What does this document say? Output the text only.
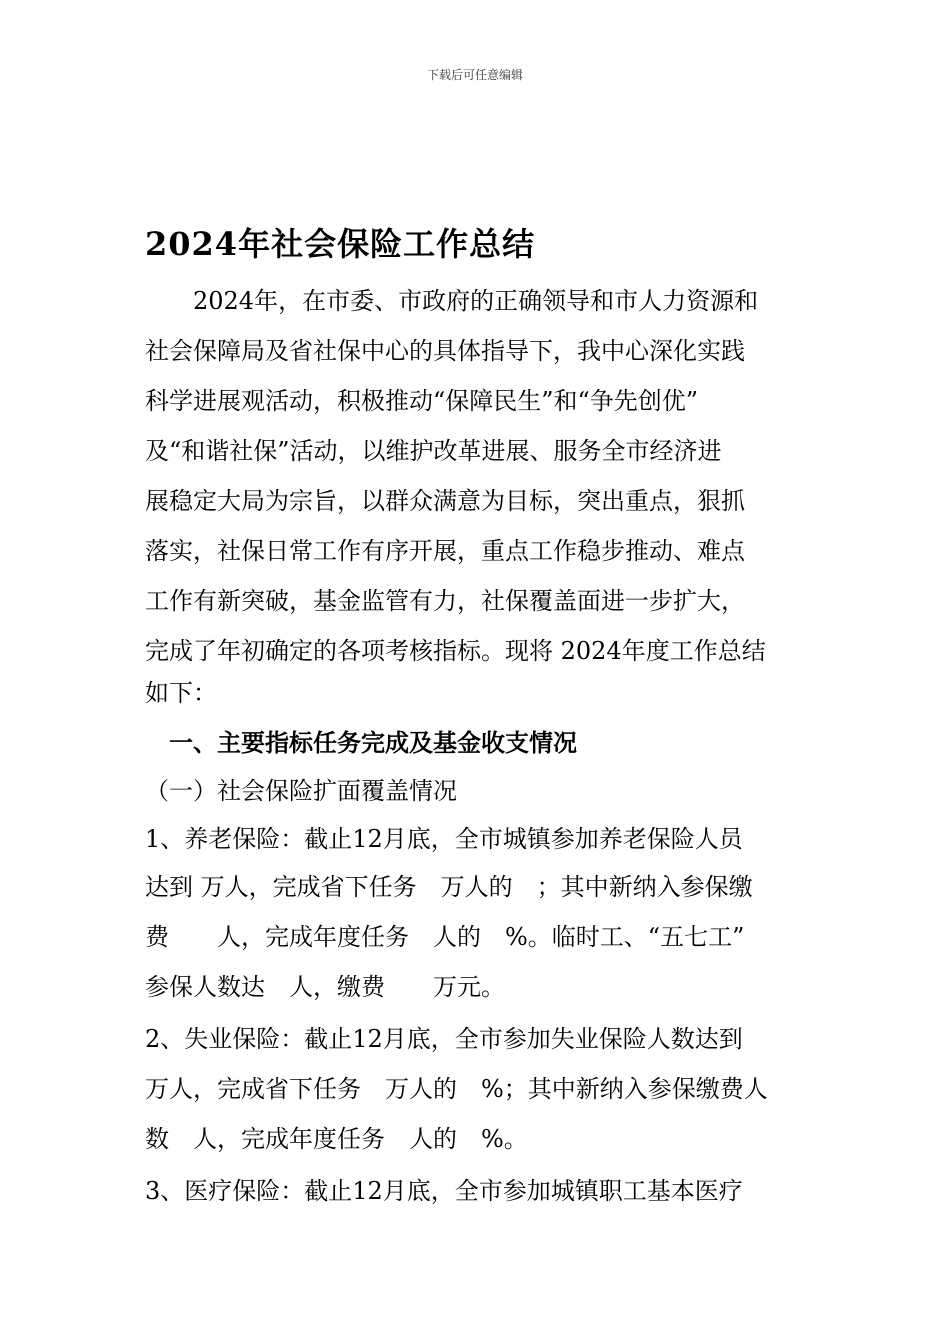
下载后可任意编辑
2024年社会保险工作总结
　　2024年，在市委、市政府的正确领导和市人力资源和
社会保障局及省社保中心的具体指导下，我中心深化实践
科学进展观活动，积极推动“保障民生”和“争先创优”
及“和谐社保”活动，以维护改革进展、服务全市经济进
展稳定大局为宗旨，以群众满意为目标，突出重点，狠抓
落实，社保日常工作有序开展，重点工作稳步推动、难点
工作有新突破，基金监管有力，社保覆盖面进一步扩大，
完成了年初确定的各项考核指标。现将 2024年度工作总结
如下：
　一、主要指标任务完成及基金收支情况
（一）社会保险扩面覆盖情况
1、养老保险：截止12月底，全市城镇参加养老保险人员
达到 万人，完成省下任务　万人的　；其中新纳入参保缴
费　　人，完成年度任务　人的　%。临时工、“五七工”
参保人数达　人，缴费　　万元。
2、失业保险：截止12月底，全市参加失业保险人数达到
万人，完成省下任务　万人的　%；其中新纳入参保缴费人
数　人，完成年度任务　人的　%。
3、医疗保险：截止12月底，全市参加城镇职工基本医疗
